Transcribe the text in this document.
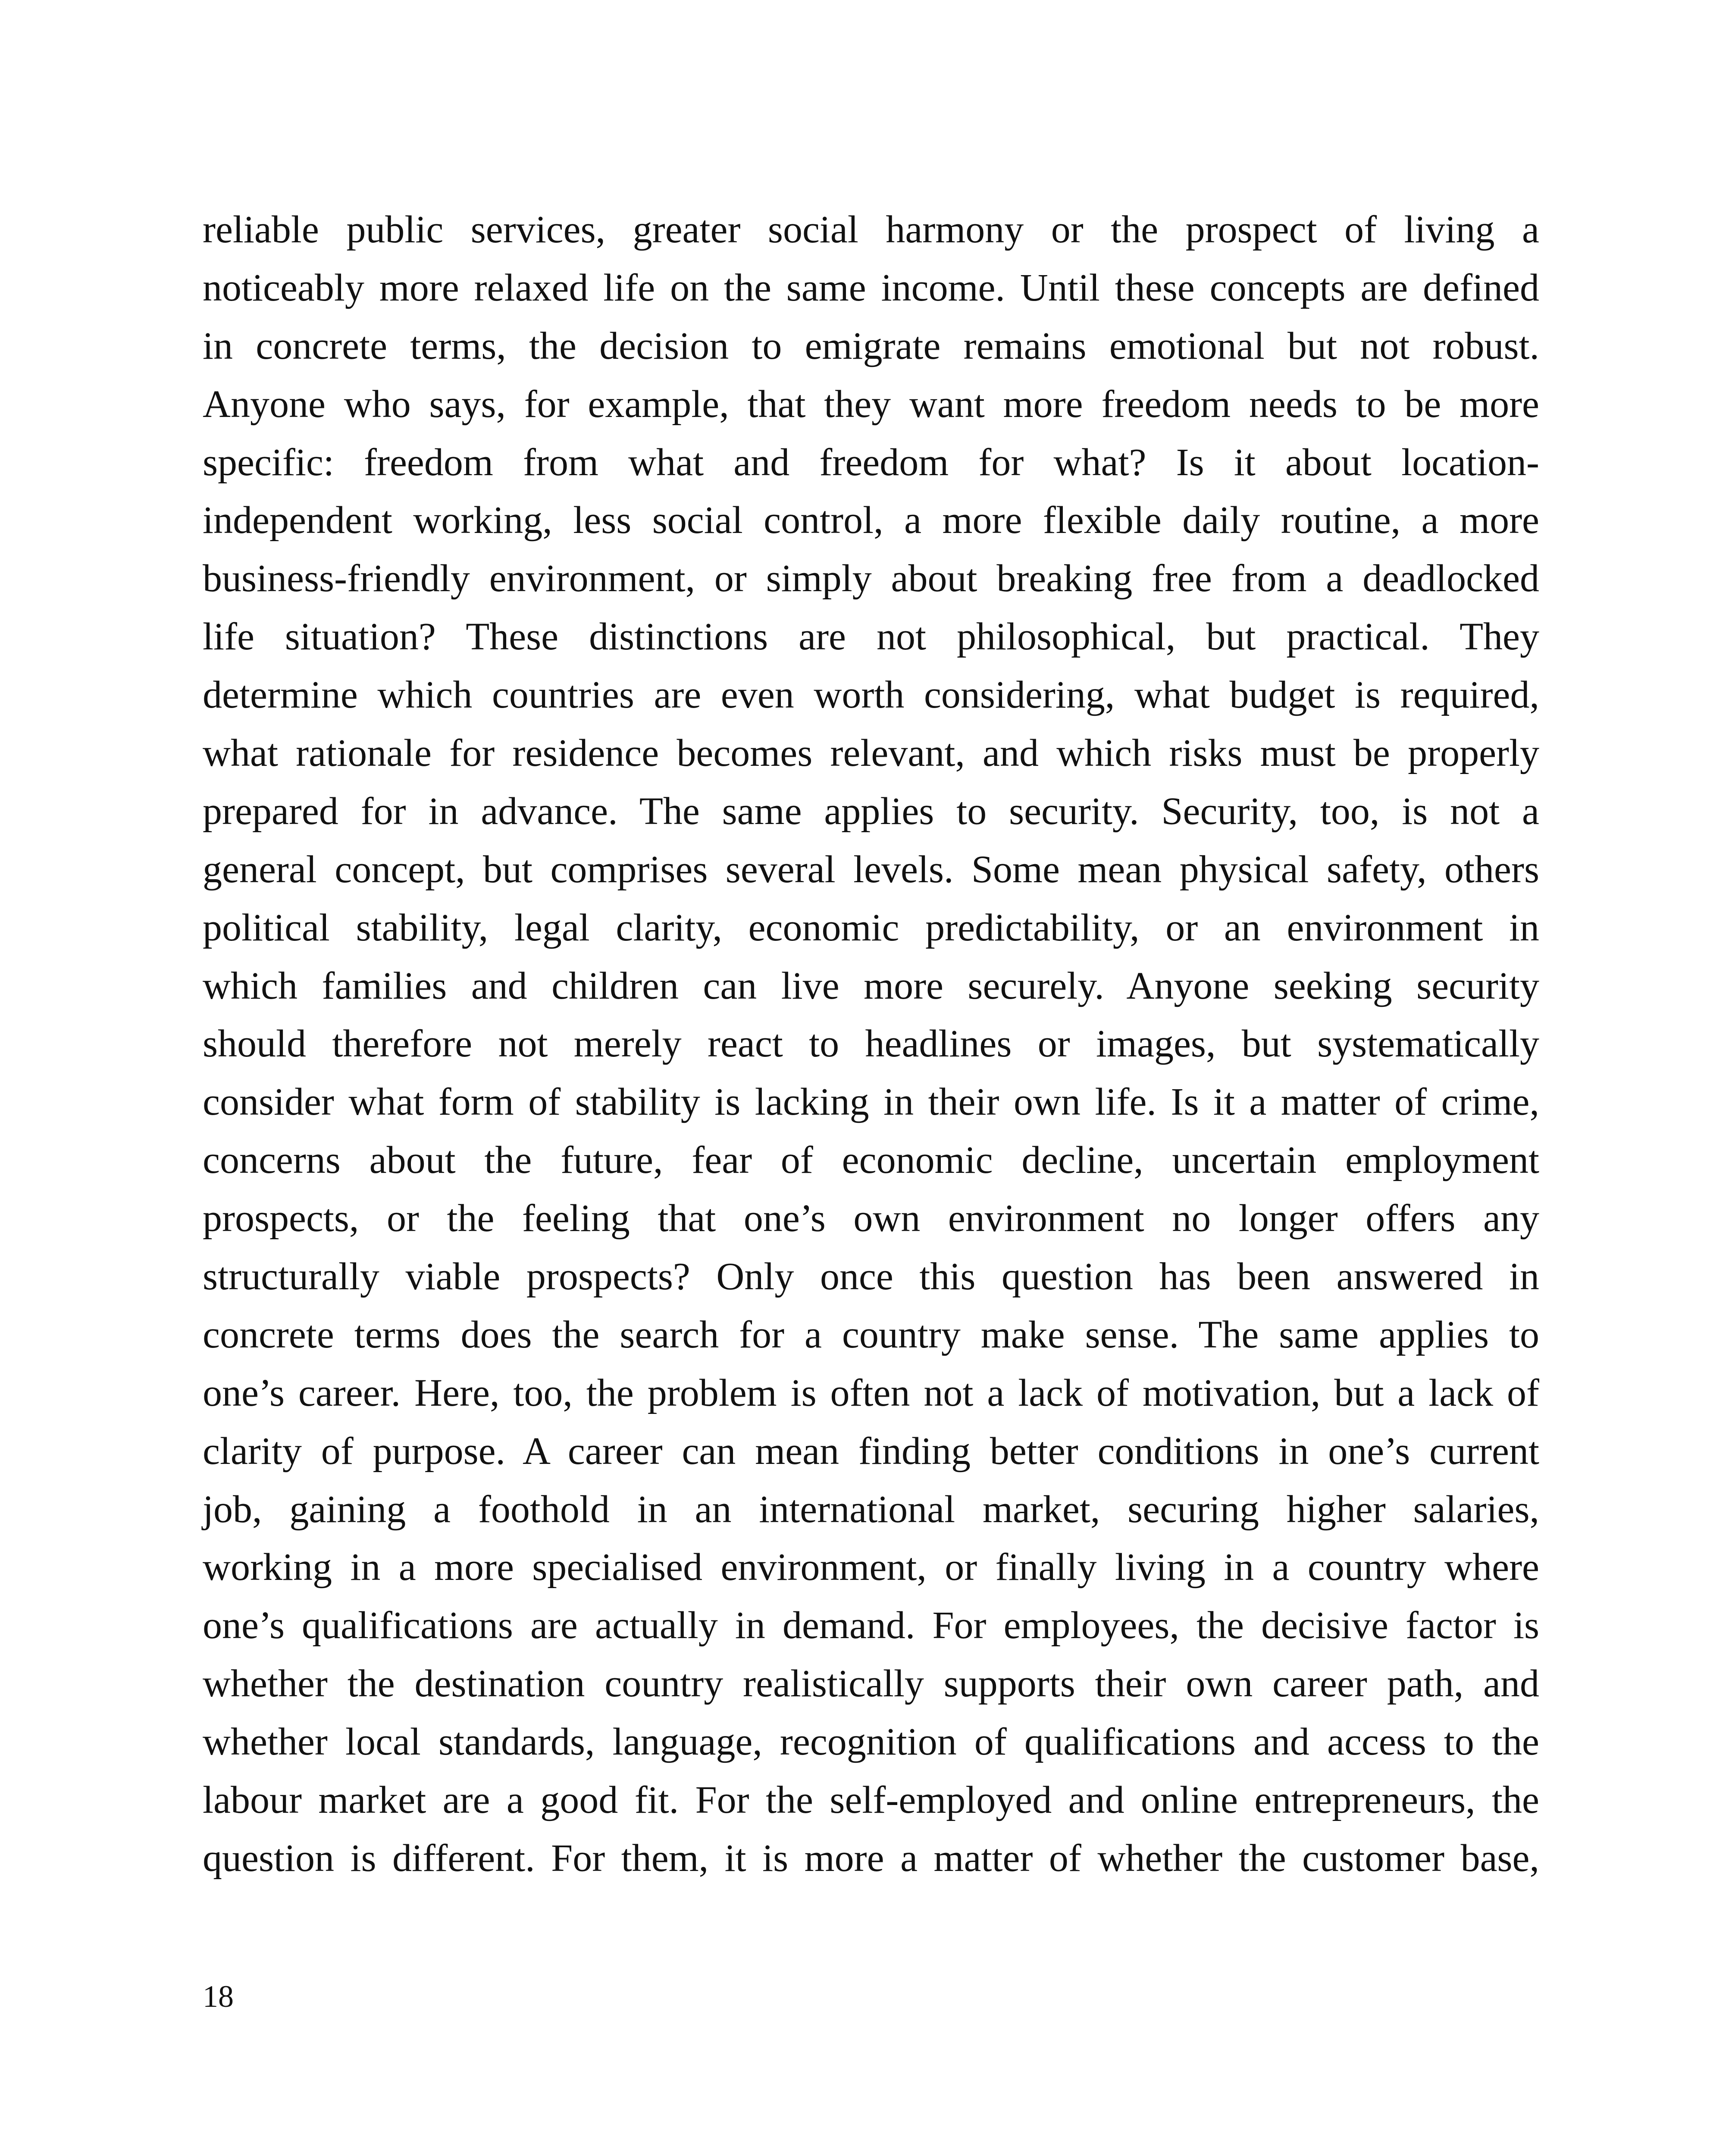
reliable public services, greater social harmony or the prospect of living a
noticeably more relaxed life on the same income. Until these concepts are defined
in concrete terms, the decision to emigrate remains emotional but not robust.
Anyone who says, for example, that they want more freedom needs to be more
specific: freedom from what and freedom for what? Is it about location-
independent working, less social control, a more flexible daily routine, a more
business-friendly environment, or simply about breaking free from a deadlocked
life situation? These distinctions are not philosophical, but practical. They
determine which countries are even worth considering, what budget is required,
what rationale for residence becomes relevant, and which risks must be properly
prepared for in advance. The same applies to security. Security, too, is not a
general concept, but comprises several levels. Some mean physical safety, others
political stability, legal clarity, economic predictability, or an environment in
which families and children can live more securely. Anyone seeking security
should therefore not merely react to headlines or images, but systematically
consider what form of stability is lacking in their own life. Is it a matter of crime,
concerns about the future, fear of economic decline, uncertain employment
prospects, or the feeling that one’s own environment no longer offers any
structurally viable prospects? Only once this question has been answered in
concrete terms does the search for a country make sense. The same applies to
one’s career. Here, too, the problem is often not a lack of motivation, but a lack of
clarity of purpose. A career can mean finding better conditions in one’s current
job, gaining a foothold in an international market, securing higher salaries,
working in a more specialised environment, or finally living in a country where
one’s qualifications are actually in demand. For employees, the decisive factor is
whether the destination country realistically supports their own career path, and
whether local standards, language, recognition of qualifications and access to the
labour market are a good fit. For the self-employed and online entrepreneurs, the
question is different. For them, it is more a matter of whether the customer base,
18
